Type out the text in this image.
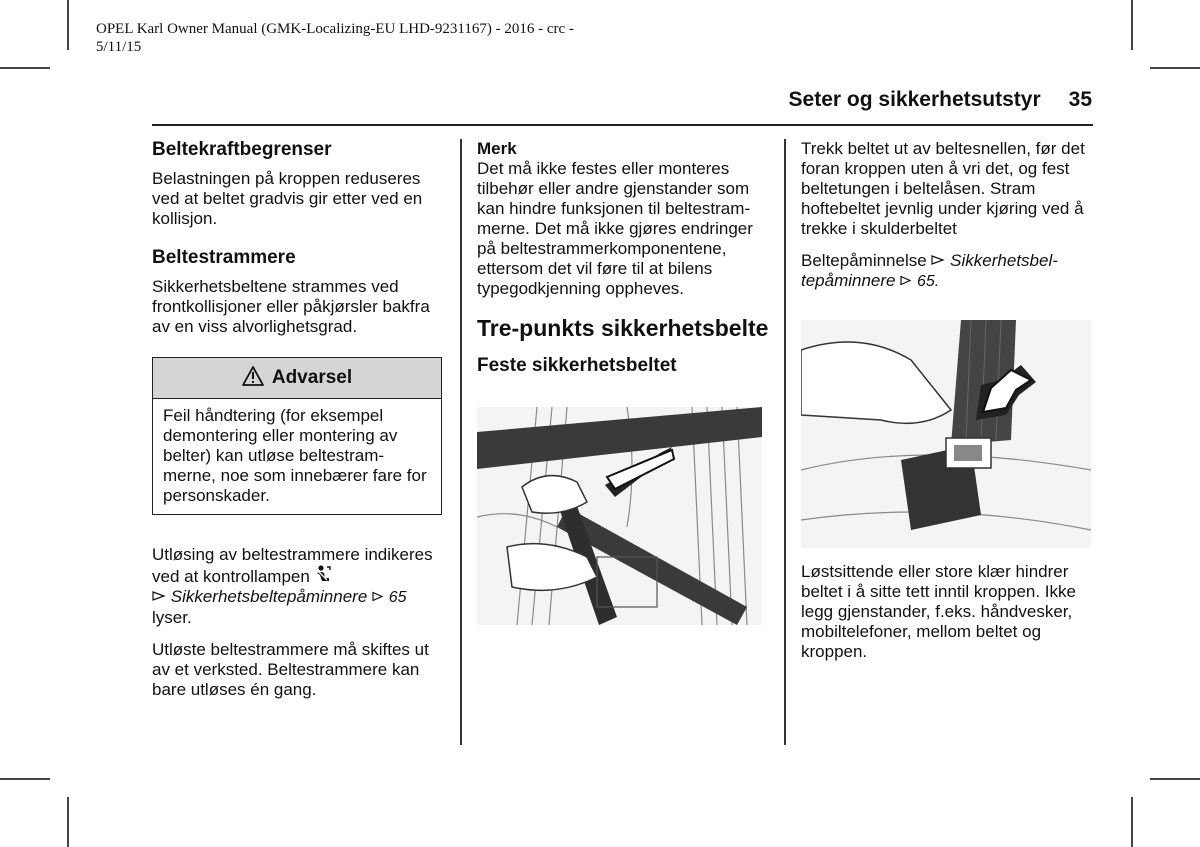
OPEL Karl Owner Manual (GMK-Localizing-EU LHD-9231167) - 2016 - crc -
5/11/15
Seter og sikkerhetsutstyr 35
Beltekraftbegrenser

Belastningen på kroppen reduseres ved at beltet gradvis gir etter ved en kollisjon.

Beltestrammere

Sikkerhetsbeltene strammes ved frontkollisjoner eller påkjørsler bakfra av en viss alvorlighetsgrad.

Advarsel
Feil håndtering (for eksempel demontering eller montering av belter) kan utløse beltestrammerne, noe som innebærer fare for personskader.

Utløsing av beltestrammere indikeres ved at kontrollampen
Sikkerhetsbeltepåminnere 65
lyser.

Utløste beltestrammere må skiftes ut av et verksted. Beltestrammere kan bare utløses én gang.

Merk

Det må ikke festes eller monteres tilbehør eller andre gjenstander som kan hindre funksjonen til beltestrammerne. Det må ikke gjøres endringer på beltestrammerkomponentene, ettersom det vil føre til at bilens typegodkjenning oppheves.

Tre-punkts sikkerhetsbelte
Feste sikkerhetsbeltet

Trekk beltet ut av beltesnellen, før det foran kroppen uten å vri det, og fest beltetungen i beltelåsen. Stram hoftebeltet jevnlig under kjøring ved å trekke i skulderbeltet

Beltepåminnelse Sikkerhetsbeltepåminnere 65.

Løstsittende eller store klær hindrer beltet i å sitte tett inntil kroppen. Ikke legg gjenstander, f.eks. håndvesker, mobiltelefoner, mellom beltet og kroppen.
